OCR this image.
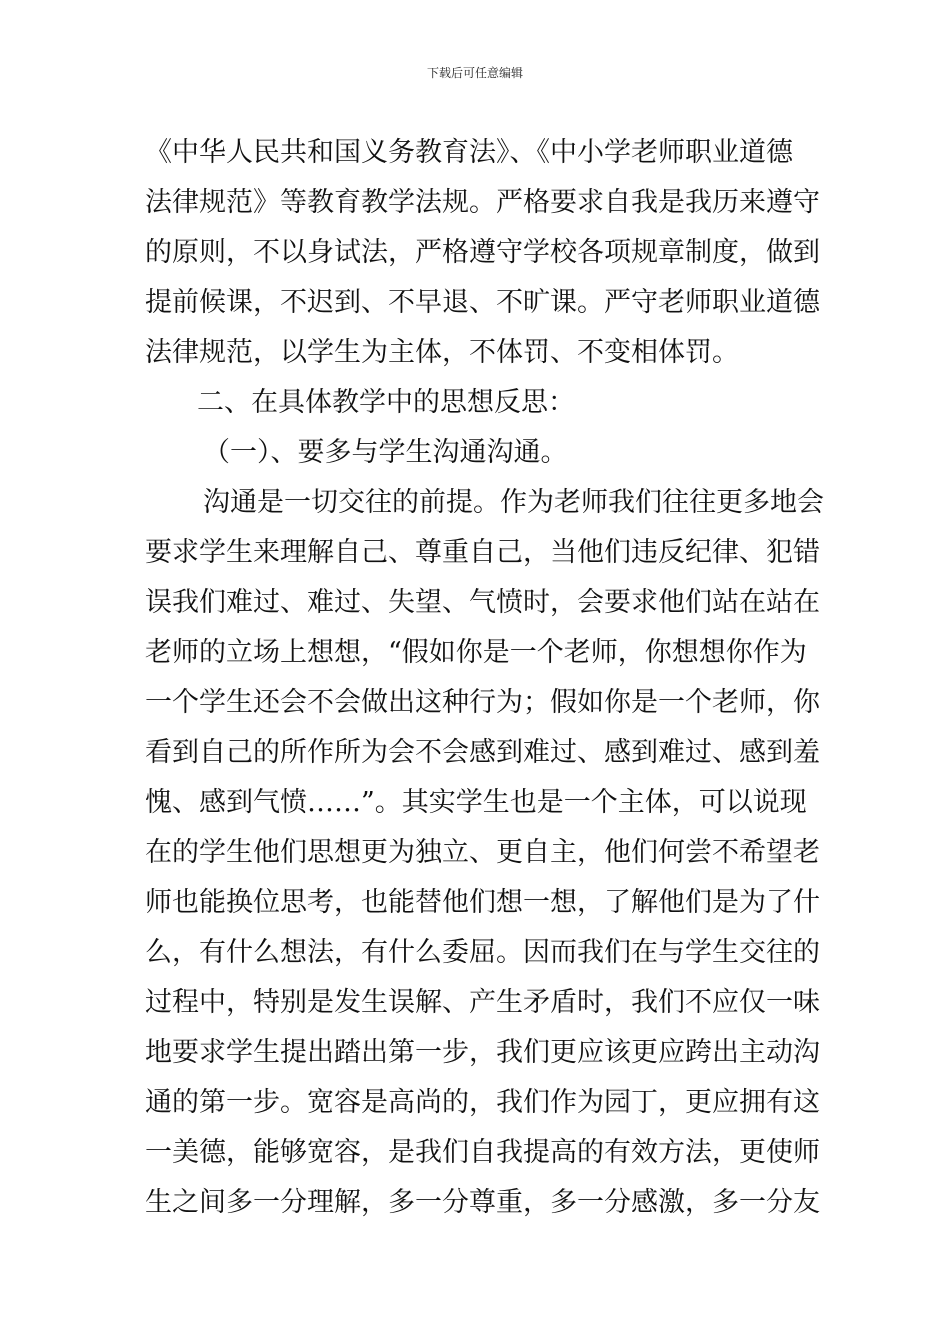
下载后可任意编辑
《中华人民共和国义务教育法》、《中小学老师职业道德
法律规范》等教育教学法规。严格要求自我是我历来遵守
的原则，不以身试法，严格遵守学校各项规章制度，做到
提前候课，不迟到、不早退、不旷课。严守老师职业道德
法律规范，以学生为主体，不体罚、不变相体罚。
二、在具体教学中的思想反思：
（一）、要多与学生沟通沟通。
沟通是一切交往的前提。作为老师我们往往更多地会
要求学生来理解自己、尊重自己，当他们违反纪律、犯错
误我们难过、难过、失望、气愤时，会要求他们站在站在
老师的立场上想想，“假如你是一个老师，你想想你作为
一个学生还会不会做出这种行为；假如你是一个老师，你
看到自己的所作所为会不会感到难过、感到难过、感到羞
愧、感到气愤……”。其实学生也是一个主体，可以说现
在的学生他们思想更为独立、更自主，他们何尝不希望老
师也能换位思考，也能替他们想一想，了解他们是为了什
么，有什么想法，有什么委屈。因而我们在与学生交往的
过程中，特别是发生误解、产生矛盾时，我们不应仅一味
地要求学生提出踏出第一步，我们更应该更应跨出主动沟
通的第一步。宽容是高尚的，我们作为园丁，更应拥有这
一美德，能够宽容，是我们自我提高的有效方法，更使师
生之间多一分理解，多一分尊重，多一分感激，多一分友
